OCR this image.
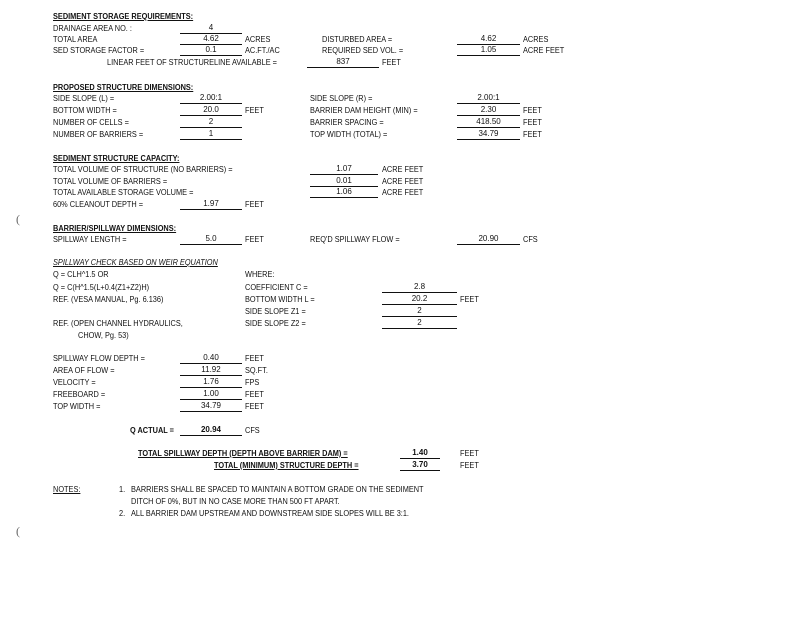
SEDIMENT STORAGE REQUIREMENTS:
DRAINAGE AREA NO. :	4
TOTAL AREA	4.62	ACRES	DISTURBED AREA =	4.62	ACRES
SED STORAGE FACTOR =	0.1	AC.FT./AC	REQUIRED SED VOL. =	1.05	ACRE FEET
LINEAR FEET OF STRUCTURELINE AVAILABLE =	837	FEET
PROPOSED STRUCTURE DIMENSIONS:
SIDE SLOPE (L) =	2.00:1	SIDE SLOPE (R) =	2.00:1
BOTTOM WIDTH =	20.0	FEET	BARRIER DAM HEIGHT (MIN) =	2.30	FEET
NUMBER OF CELLS =	2	BARRIER SPACING =	418.50	FEET
NUMBER OF BARRIERS =	1	TOP WIDTH (TOTAL) =	34.79	FEET
SEDIMENT STRUCTURE CAPACITY:
TOTAL VOLUME OF STRUCTURE (NO BARRIERS) =	1.07	ACRE FEET
TOTAL VOLUME OF BARRIERS =	0.01	ACRE FEET
TOTAL AVAILABLE STORAGE VOLUME =	1.06	ACRE FEET
60% CLEANOUT DEPTH =	1.97	FEET
BARRIER/SPILLWAY DIMENSIONS:
SPILLWAY LENGTH =	5.0	FEET	REQ'D SPILLWAY FLOW =	20.90	CFS
SPILLWAY CHECK BASED ON WEIR EQUATION
Q = CLH^1.5 OR	WHERE:
Q = C(H^1.5(L+0.4(Z1+Z2)H)	COEFFICIENT C =	2.8
REF. (VESA MANUAL, Pg. 6.136)	BOTTOM WIDTH L =	20.2	FEET
SIDE SLOPE Z1 =	2
REF. (OPEN CHANNEL HYDRAULICS,	SIDE SLOPE Z2 =	2
CHOW, Pg. 53)
SPILLWAY FLOW DEPTH =	0.40	FEET
AREA OF FLOW =	11.92	SQ.FT.
VELOCITY =	1.76	FPS
FREEBOARD =	1.00	FEET
TOP WIDTH =	34.79	FEET
Q ACTUAL =	20.94	CFS
TOTAL SPILLWAY DEPTH (DEPTH ABOVE BARRIER DAM) =	1.40	FEET
TOTAL (MINIMUM) STRUCTURE DEPTH =	3.70	FEET
NOTES:	1. BARRIERS SHALL BE SPACED TO MAINTAIN A BOTTOM GRADE ON THE SEDIMENT
DITCH OF 0%, BUT IN NO CASE MORE THAN 500 FT APART.
2. ALL BARRIER DAM UPSTREAM AND DOWNSTREAM SIDE SLOPES WILL BE 3:1.
(
(
